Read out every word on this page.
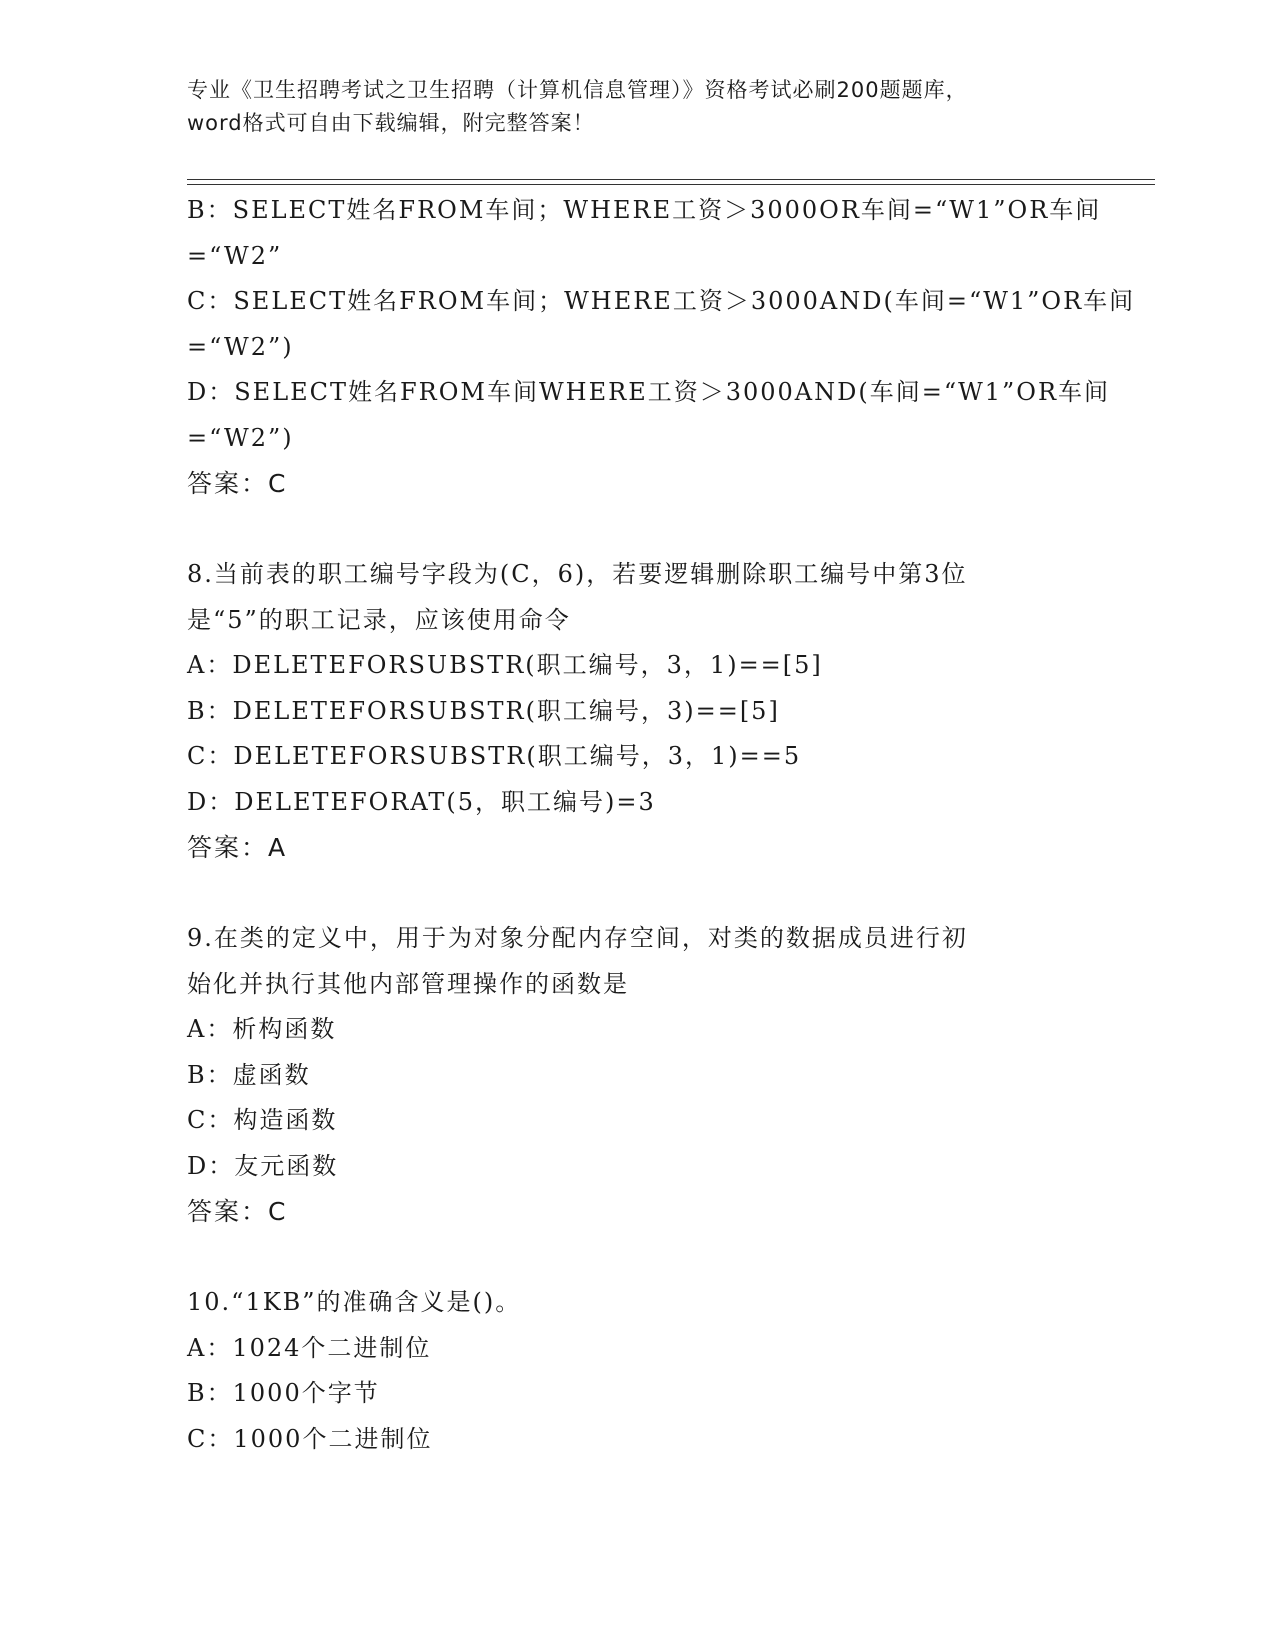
专业《卫生招聘考试之卫生招聘（计算机信息管理）》资格考试必刷200题题库，
word格式可自由下载编辑，附完整答案！
B：SELECT姓名FROM车间；WHERE工资＞3000OR车间=“W1”OR车间
=“W2”
C：SELECT姓名FROM车间；WHERE工资＞3000AND(车间=“W1”OR车间
=“W2”)
D：SELECT姓名FROM车间WHERE工资＞3000AND(车间=“W1”OR车间
=“W2”)
答案：C
8.当前表的职工编号字段为(C，6)，若要逻辑删除职工编号中第3位
是“5”的职工记录，应该使用命令
A：DELETEFORSUBSTR(职工编号，3，1)==[5]
B：DELETEFORSUBSTR(职工编号，3)==[5]
C：DELETEFORSUBSTR(职工编号，3，1)==5
D：DELETEFORAT(5，职工编号)=3
答案：A
9.在类的定义中，用于为对象分配内存空间，对类的数据成员进行初
始化并执行其他内部管理操作的函数是
A：析构函数
B：虚函数
C：构造函数
D：友元函数
答案：C
10.“1KB”的准确含义是()。
A：1024个二进制位
B：1000个字节
C：1000个二进制位
